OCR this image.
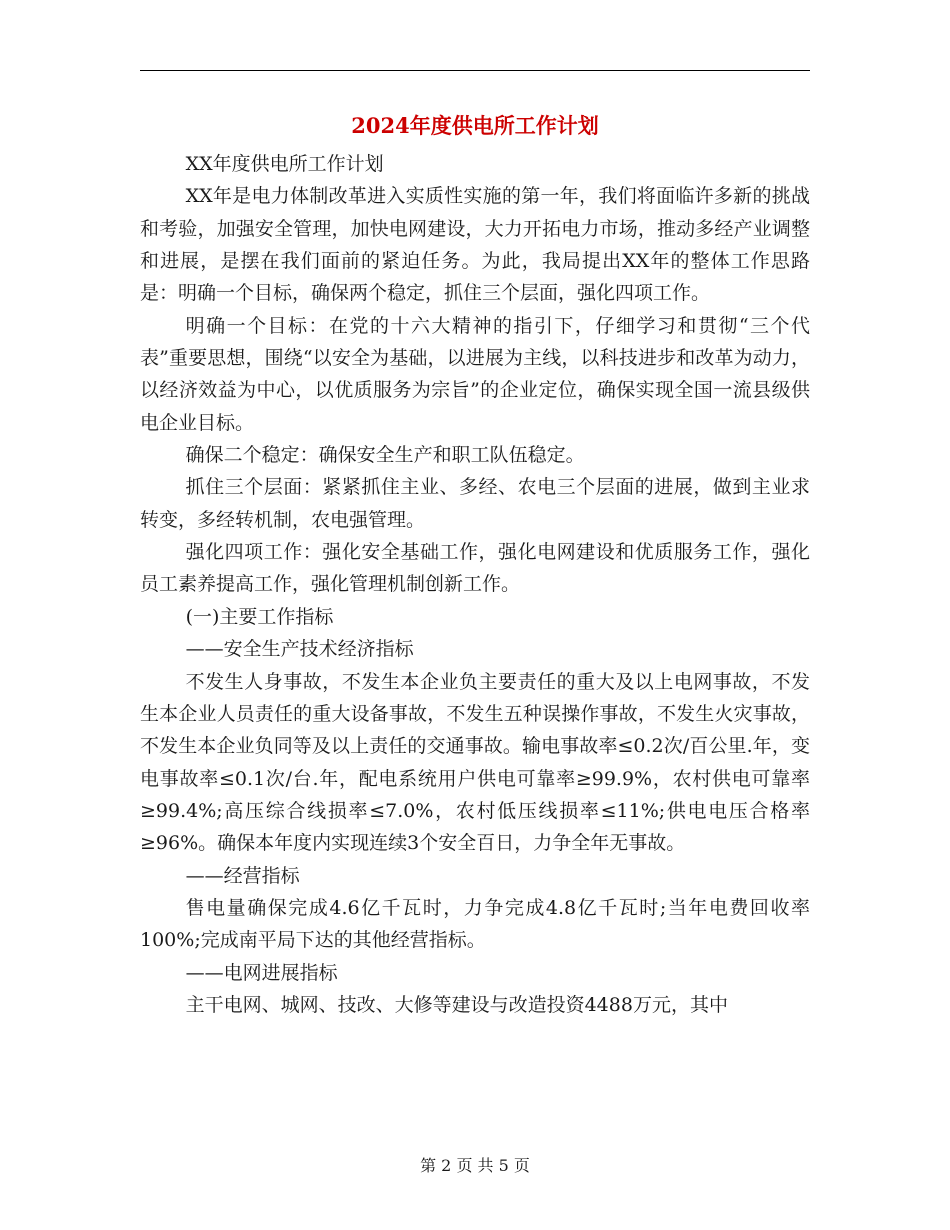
2024年度供电所工作计划

XX年度供电所工作计划

XX年是电力体制改革进入实质性实施的第一年，我们将面临许多新的挑战和考验，加强安全管理，加快电网建设，大力开拓电力市场，推动多经产业调整和进展，是摆在我们面前的紧迫任务。为此，我局提出XX年的整体工作思路是：明确一个目标，确保两个稳定，抓住三个层面，强化四项工作。

明确一个目标：在党的十六大精神的指引下，仔细学习和贯彻“三个代表”重要思想，围绕“以安全为基础，以进展为主线，以科技进步和改革为动力，以经济效益为中心，以优质服务为宗旨”的企业定位，确保实现全国一流县级供电企业目标。

确保二个稳定：确保安全生产和职工队伍稳定。

抓住三个层面：紧紧抓住主业、多经、农电三个层面的进展，做到主业求转变，多经转机制，农电强管理。

强化四项工作：强化安全基础工作，强化电网建设和优质服务工作，强化员工素养提高工作，强化管理机制创新工作。

(一)主要工作指标

——安全生产技术经济指标

不发生人身事故，不发生本企业负主要责任的重大及以上电网事故，不发生本企业人员责任的重大设备事故，不发生五种误操作事故，不发生火灾事故，不发生本企业负同等及以上责任的交通事故。输电事故率≤0.2次/百公里.年，变电事故率≤0.1次/台.年，配电系统用户供电可靠率≥99.9%，农村供电可靠率 ≥99.4%;高压综合线损率≤7.0%，农村低压线损率≤11%;供电电压合格率≥96%。确保本年度内实现连续3个安全百日，力争全年无事故。

——经营指标

售电量确保完成4.6亿千瓦时，力争完成4.8亿千瓦时;当年电费回收率100%;完成南平局下达的其他经营指标。

——电网进展指标

主干电网、城网、技改、大修等建设与改造投资4488万元，其中

第 2 页 共 5 页
